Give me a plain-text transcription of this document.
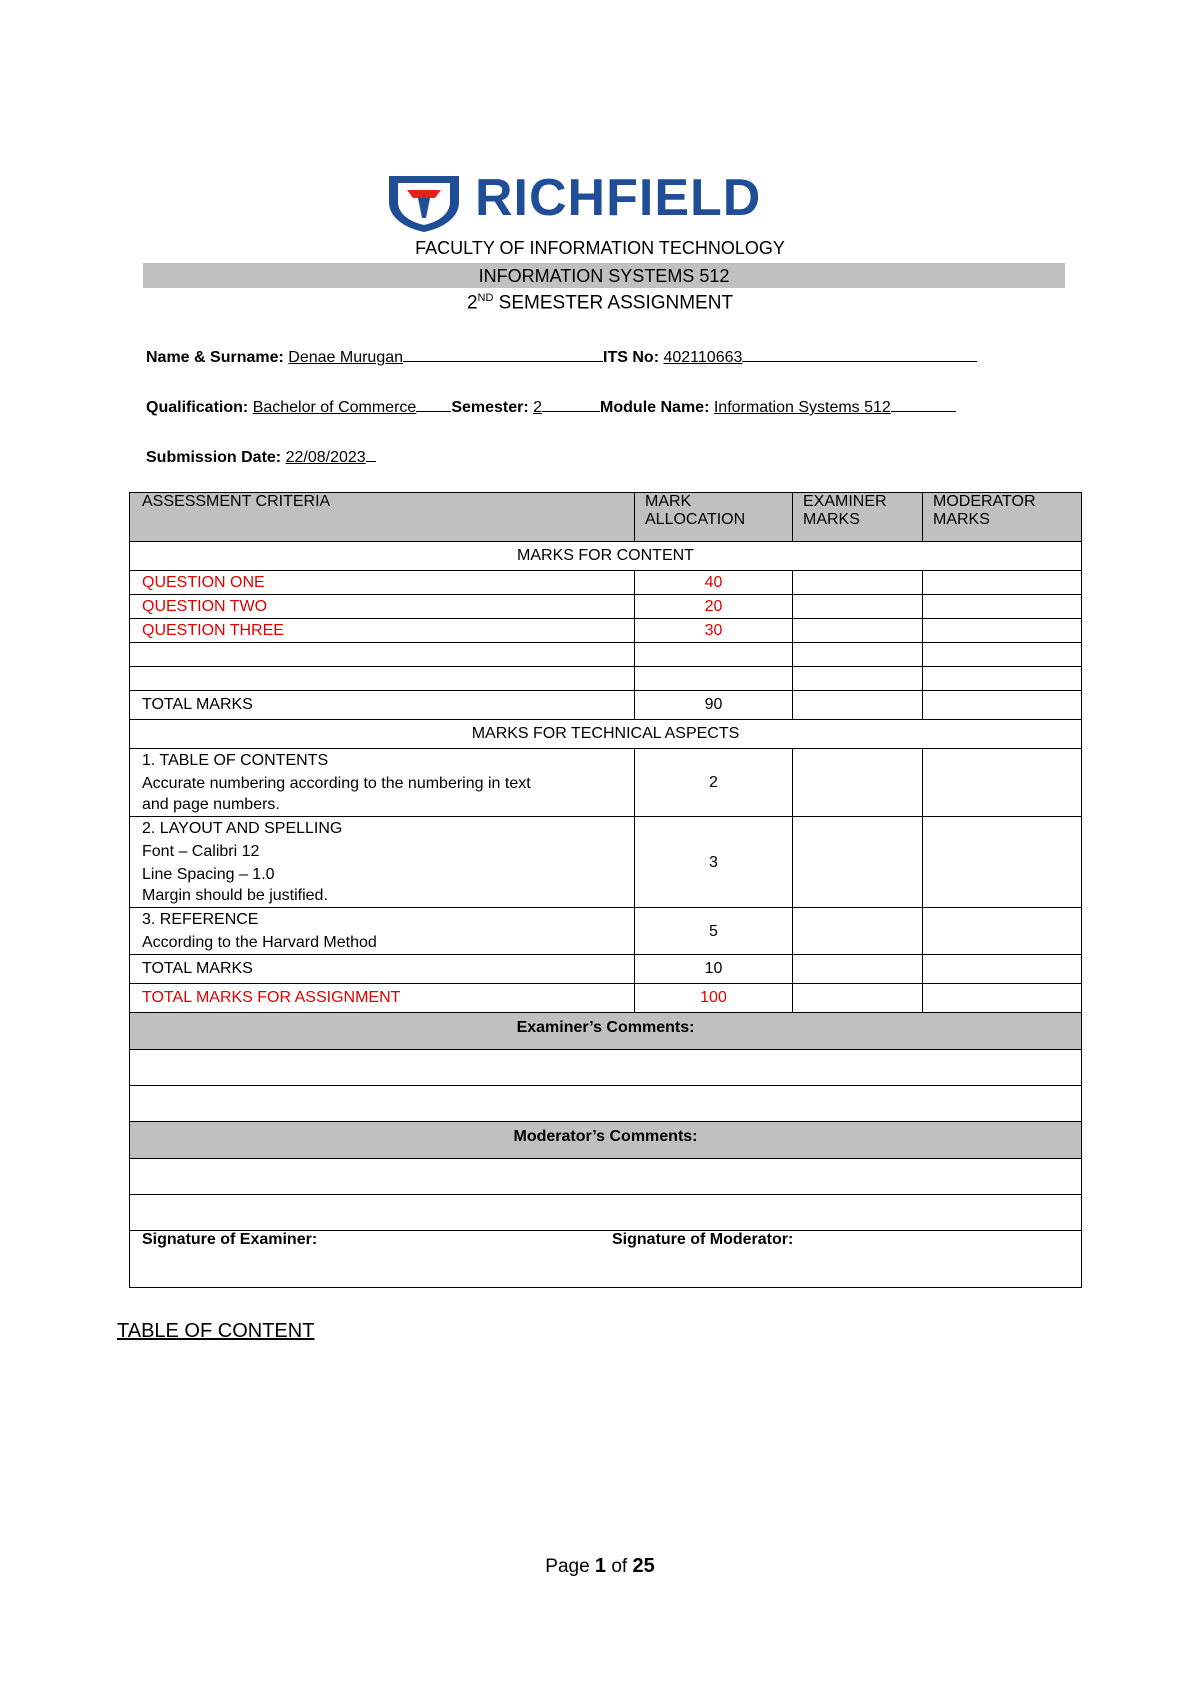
RICHFIELD
FACULTY OF INFORMATION TECHNOLOGY
INFORMATION SYSTEMS 512
2ND SEMESTER ASSIGNMENT
Name & Surname: Denae Murugan	ITS No: 402110663
Qualification: Bachelor of Commerce Semester: 2	Module Name: Information Systems 512
Submission Date: 22/08/2023
ASSESSMENT CRITERIA	MARK ALLOCATION	EXAMINER MARKS	MODERATOR MARKS
MARKS FOR CONTENT			
QUESTION ONE	40		
QUESTION TWO	20		
QUESTION THREE	30		

TOTAL MARKS	90		
MARKS FOR TECHNICAL ASPECTS			

1. TABLE OF CONTENTS
Accurate numbering according to the numbering in text
and page numbers.	2		

2. LAYOUT AND SPELLING
Font – Calibri 12
Line Spacing – 1.0
Margin should be justified.	3		

3. REFERENCE
According to the Harvard Method	5		
TOTAL MARKS	10		
TOTAL MARKS FOR ASSIGNMENT	100		
Examiner’s Comments:			

Moderator’s Comments:			

Signature of Examiner: Signature of Moderator:			
TABLE OF CONTENT
Page 1 of 25
